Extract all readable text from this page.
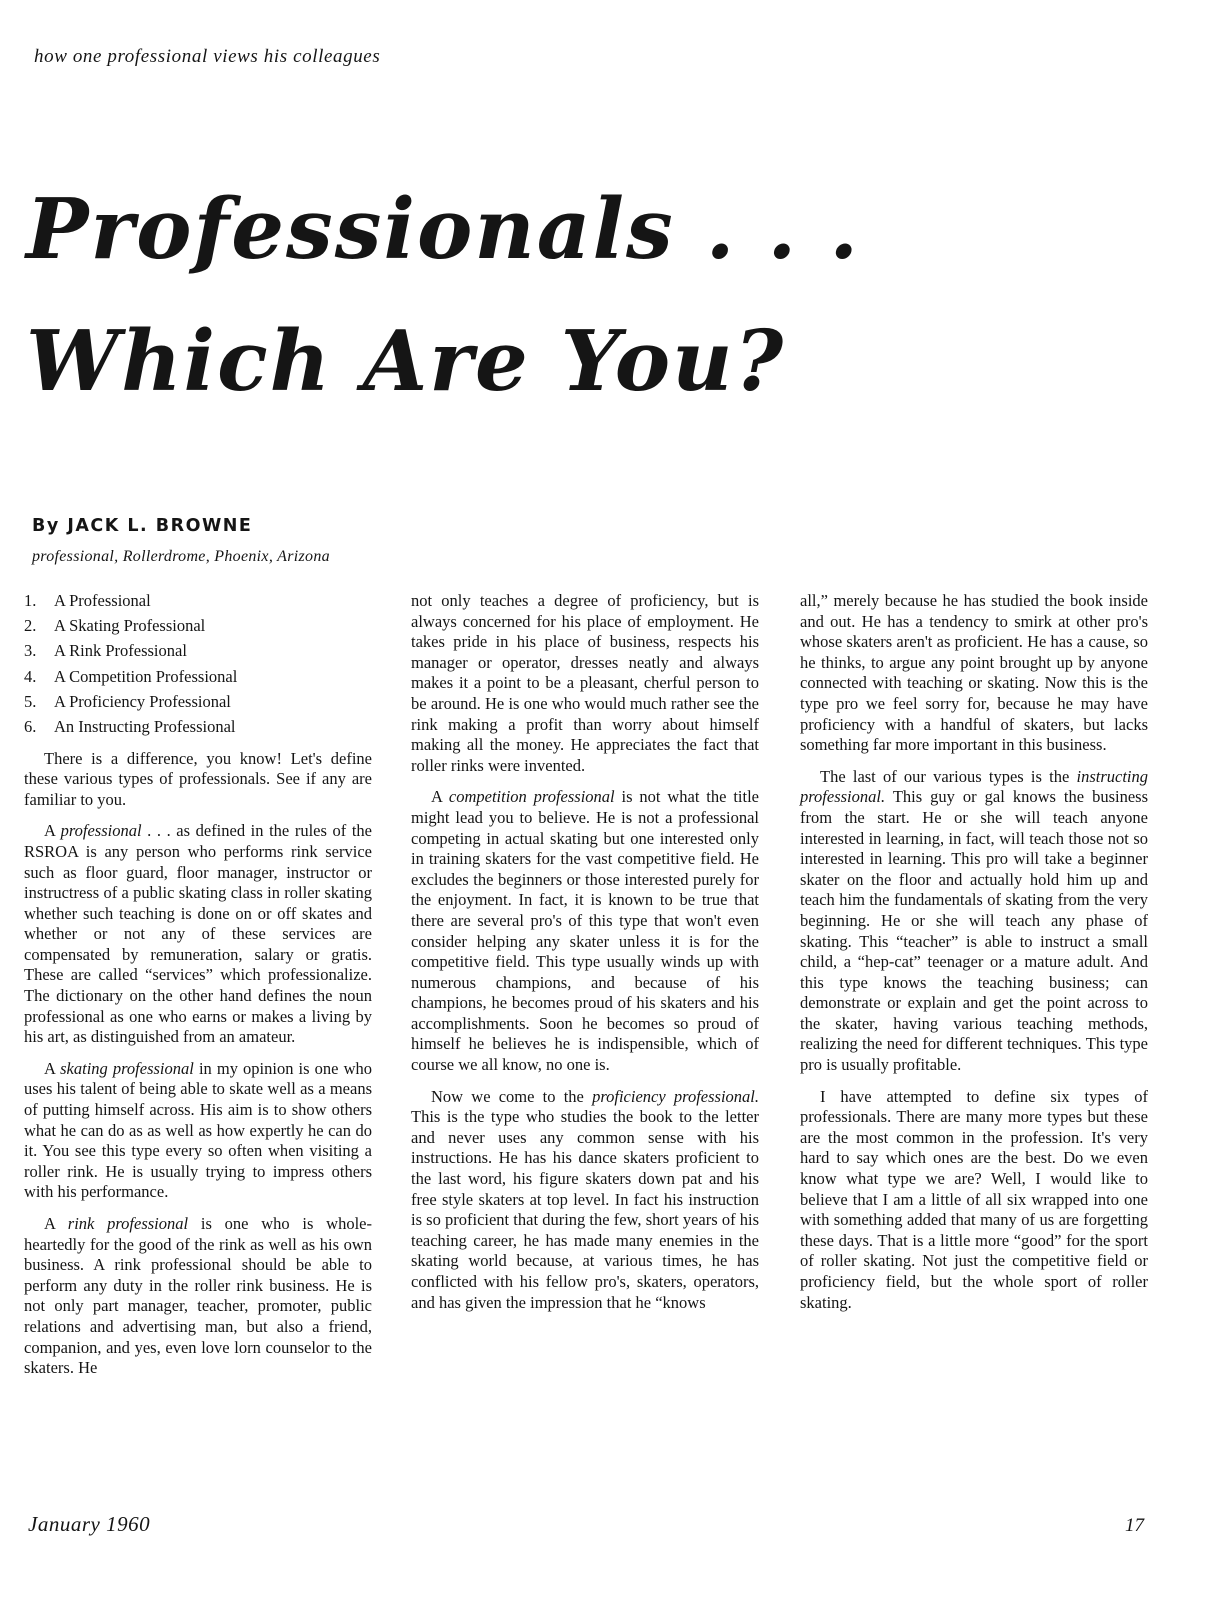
how one professional views his colleagues
Professionals . . .
Which Are You?
By JACK L. BROWNE
professional, Rollerdrome, Phoenix, Arizona
1. A Professional
2. A Skating Professional
3. A Rink Professional
4. A Competition Professional
5. A Proficiency Professional
6. An Instructing Professional

There is a difference, you know! Let's define these various types of professionals. See if any are familiar to you.

A professional . . . as defined in the rules of the RSROA is any person who performs rink service such as floor guard, floor manager, instructor or instructress of a public skating class in roller skating whether such teaching is done on or off skates and whether or not any of these services are compensated by remuneration, salary or gratis. These are called “services” which professionalize. The dictionary on the other hand defines the noun professional as one who earns or makes a living by his art, as distinguished from an amateur.

A skating professional in my opinion is one who uses his talent of being able to skate well as a means of putting himself across. His aim is to show others what he can do as as well as how expertly he can do it. You see this type every so often when visiting a roller rink. He is usually trying to impress others with his performance.

A rink professional is one who is whole-heartedly for the good of the rink as well as his own business. A rink professional should be able to perform any duty in the roller rink business. He is not only part manager, teacher, promoter, public relations and advertising man, but also a friend, companion, and yes, even love lorn counselor to the skaters. He

not only teaches a degree of proficiency, but is always concerned for his place of employment. He takes pride in his place of business, respects his manager or operator, dresses neatly and always makes it a point to be a pleasant, cherful person to be around. He is one who would much rather see the rink making a profit than worry about himself making all the money. He appreciates the fact that roller rinks were invented.

A competition professional is not what the title might lead you to believe. He is not a professional competing in actual skating but one interested only in training skaters for the vast competitive field. He excludes the beginners or those interested purely for the enjoyment. In fact, it is known to be true that there are several pro's of this type that won't even consider helping any skater unless it is for the competitive field. This type usually winds up with numerous champions, and because of his champions, he becomes proud of his skaters and his accomplishments. Soon he becomes so proud of himself he believes he is indispensible, which of course we all know, no one is.

Now we come to the proficiency professional. This is the type who studies the book to the letter and never uses any common sense with his instructions. He has his dance skaters proficient to the last word, his figure skaters down pat and his free style skaters at top level. In fact his instruction is so proficient that during the few, short years of his teaching career, he has made many enemies in the skating world because, at various times, he has conflicted with his fellow pro's, skaters, operators, and has given the impression that he “knows

all,” merely because he has studied the book inside and out. He has a tendency to smirk at other pro's whose skaters aren't as proficient. He has a cause, so he thinks, to argue any point brought up by anyone connected with teaching or skating. Now this is the type pro we feel sorry for, because he may have proficiency with a handful of skaters, but lacks something far more important in this business.

The last of our various types is the instructing professional. This guy or gal knows the business from the start. He or she will teach anyone interested in learning, in fact, will teach those not so interested in learning. This pro will take a beginner skater on the floor and actually hold him up and teach him the fundamentals of skating from the very beginning. He or she will teach any phase of skating. This “teacher” is able to instruct a small child, a “hep-cat” teenager or a mature adult. And this type knows the teaching business; can demonstrate or explain and get the point across to the skater, having various teaching methods, realizing the need for different techniques. This type pro is usually profitable.

I have attempted to define six types of professionals. There are many more types but these are the most common in the profession. It's very hard to say which ones are the best. Do we even know what type we are? Well, I would like to believe that I am a little of all six wrapped into one with something added that many of us are forgetting these days. That is a little more “good” for the sport of roller skating. Not just the competitive field or proficiency field, but the whole sport of roller skating.

January 1960	17
